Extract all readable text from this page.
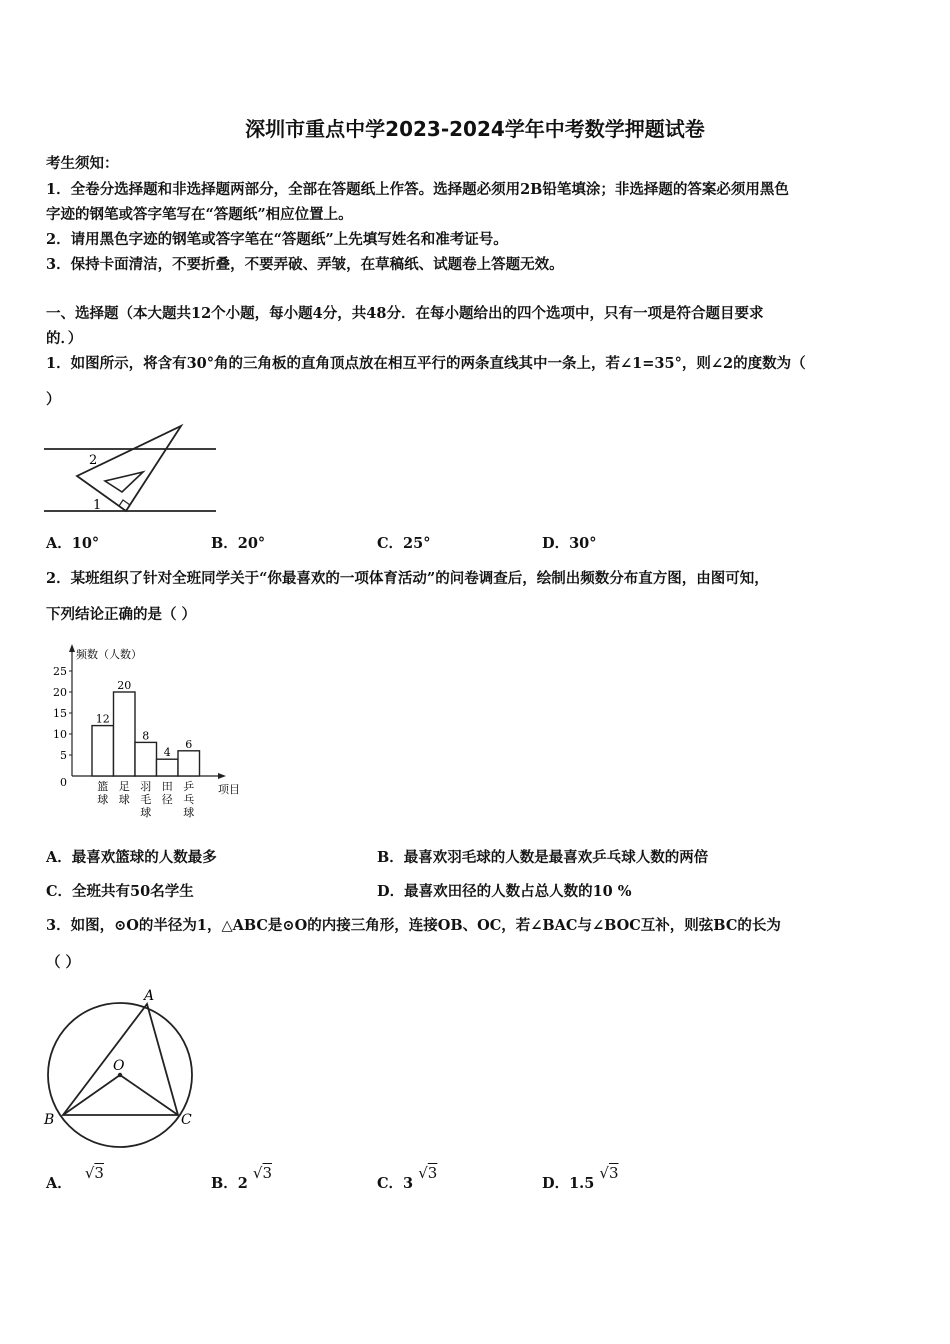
深圳市重点中学2023-2024学年中考数学押题试卷
考生须知：
1．全卷分选择题和非选择题两部分，全部在答题纸上作答。选择题必须用2B铅笔填涂；非选择题的答案必须用黑色
字迹的钢笔或答字笔写在“答题纸”相应位置上。
2．请用黑色字迹的钢笔或答字笔在“答题纸”上先填写姓名和准考证号。
3．保持卡面清洁，不要折叠，不要弄破、弄皱，在草稿纸、试题卷上答题无效。
一、选择题（本大题共12个小题，每小题4分，共48分．在每小题给出的四个选项中，只有一项是符合题目要求
的．）
1．如图所示，将含有30°角的三角板的直角顶点放在相互平行的两条直线其中一条上，若∠1=35°，则∠2的度数为（
）
2
1
A．10°	B．20°	C．25°	D．30°
2．某班组织了针对全班同学关于“你最喜欢的一项体育活动”的问卷调查后，绘制出频数分布直方图，由图可知，
下列结论正确的是（ ）
频数（人数）
项目
0
5
10
15
20
25
12
篮球
20
足球
8
羽毛球
4
田径
6
乒乓球
A．最喜欢篮球的人数最多	B．最喜欢羽毛球的人数是最喜欢乒乓球人数的两倍
C．全班共有50名学生	D．最喜欢田径的人数占总人数的10 %
3．如图，⊙O的半径为1，△ABC是⊙O的内接三角形，连接OB、OC，若∠BAC与∠BOC互补，则弦BC的长为
（ ）
A
B	C
O
A． √3
B．2 √3
C．3 √3
D．1.5 √3
